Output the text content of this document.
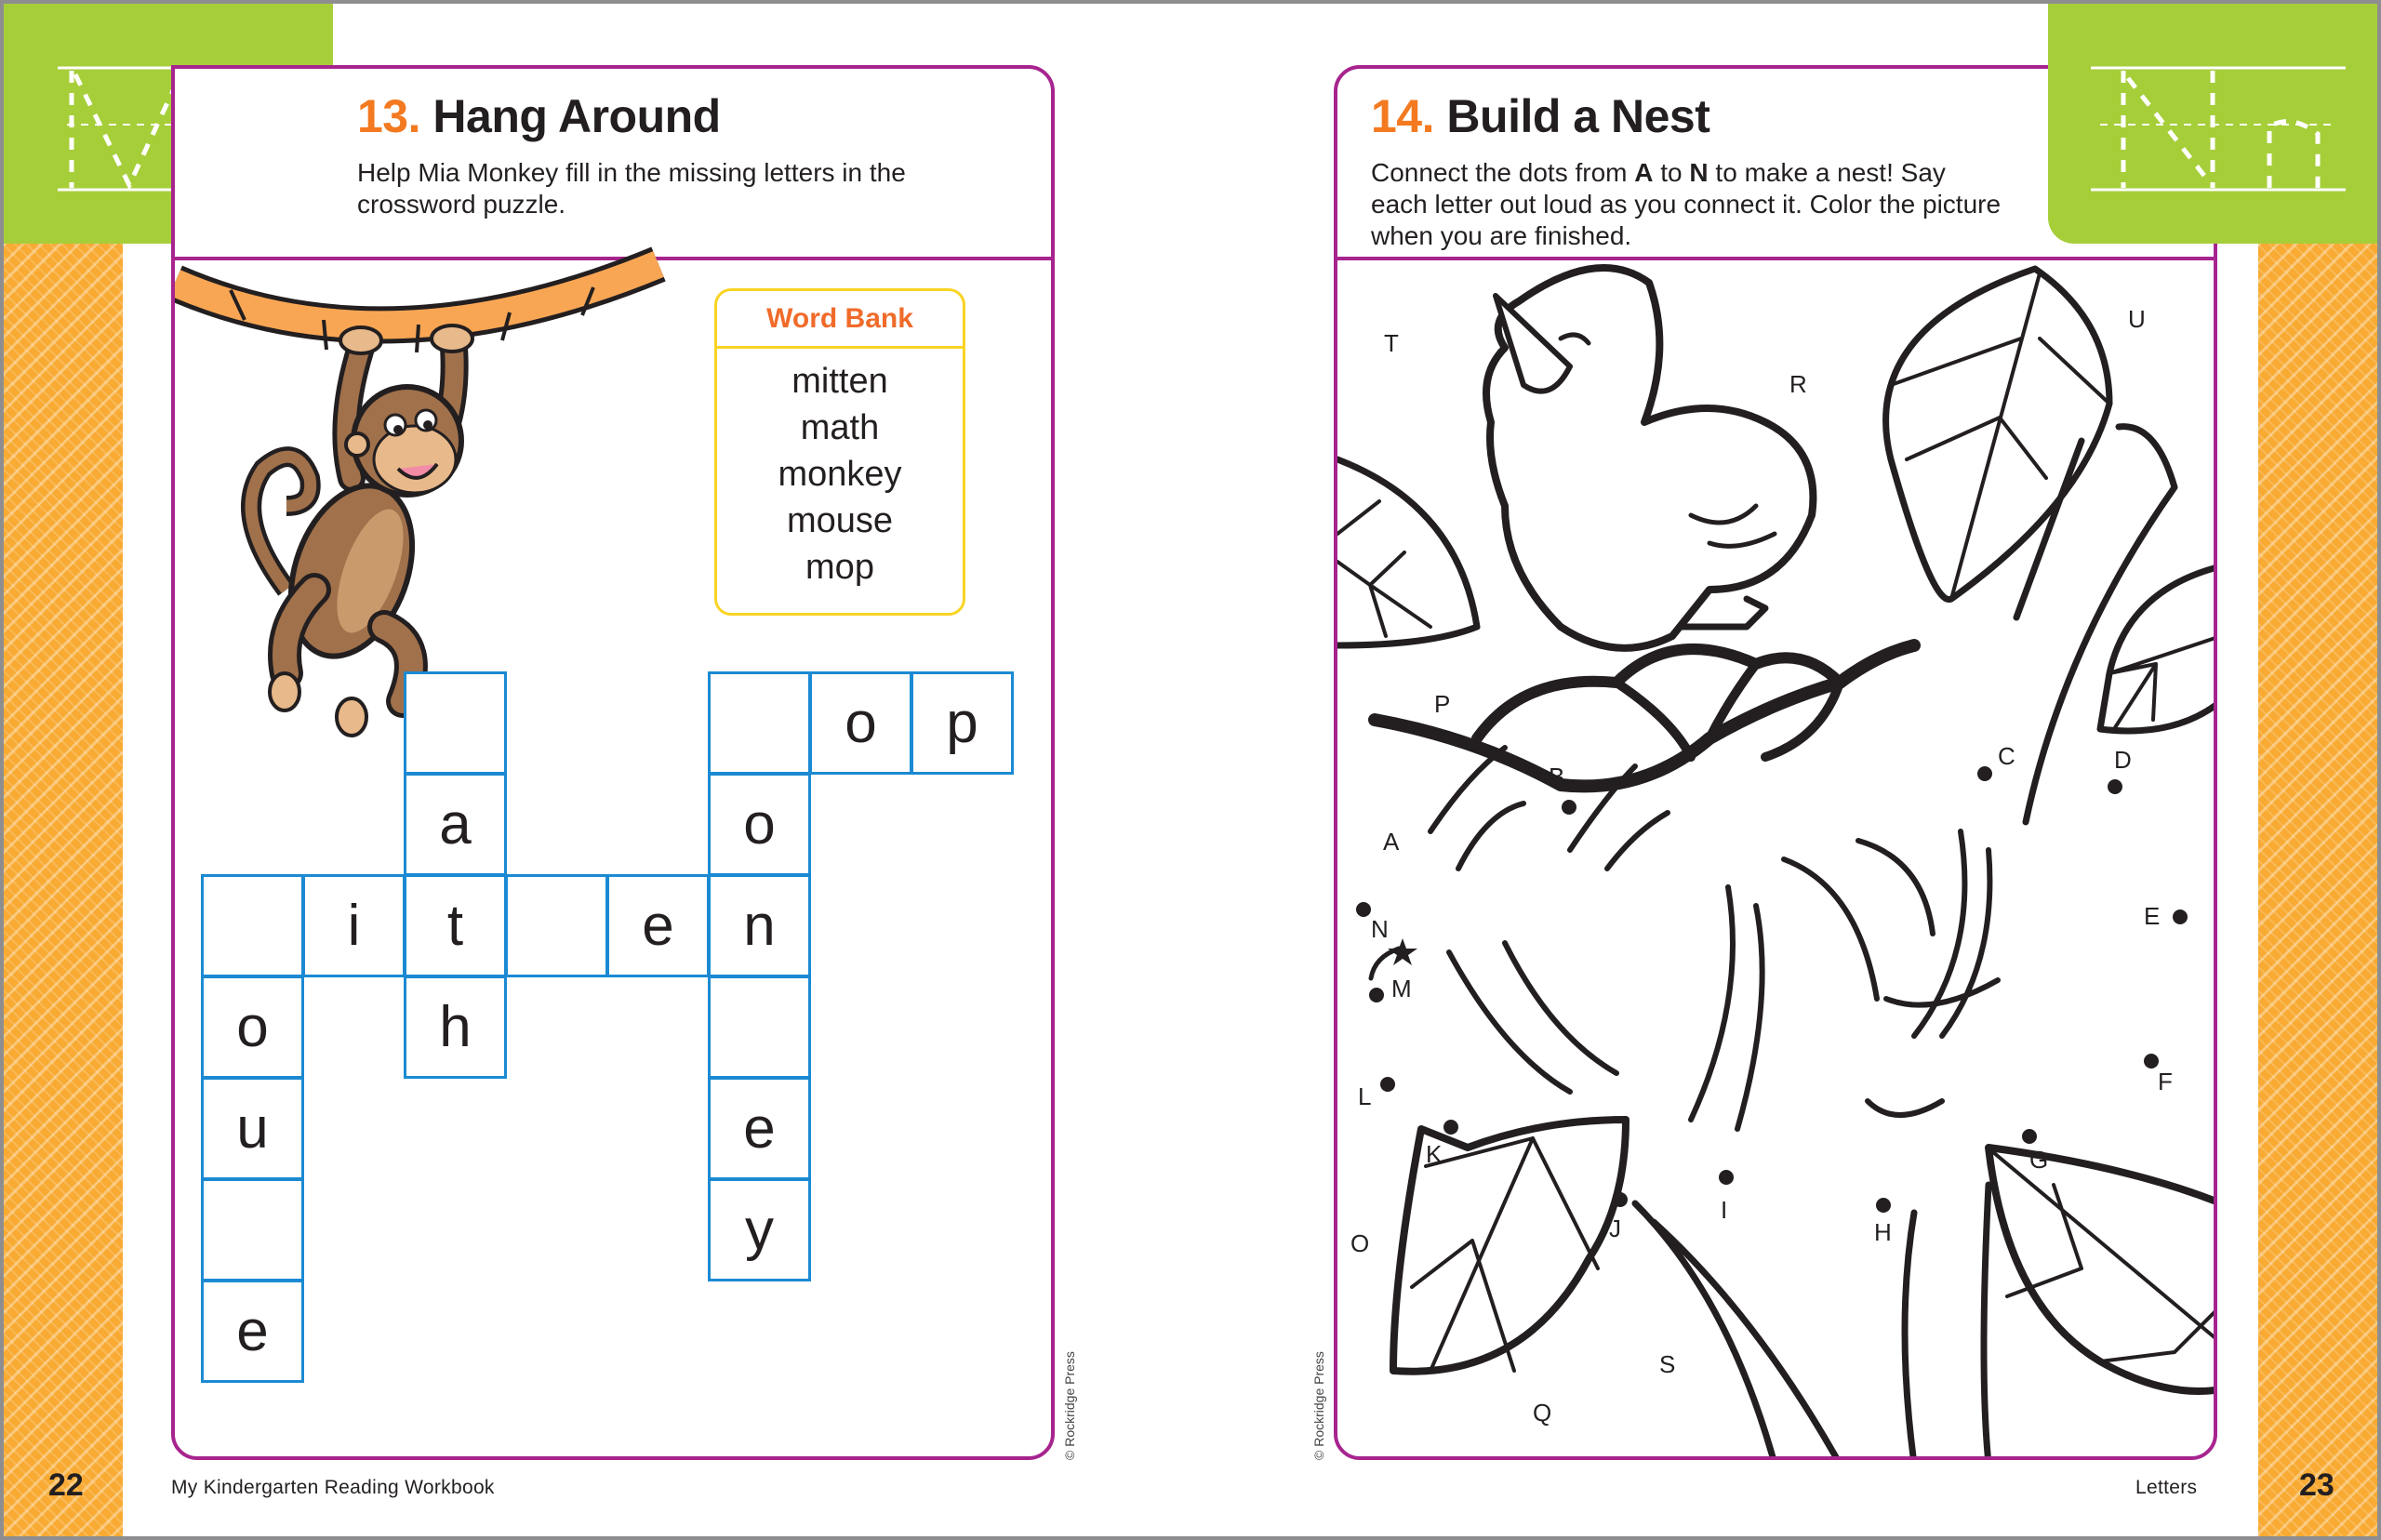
13. Hang Around
Help Mia Monkey fill in the missing letters in the crossword puzzle.
Word Bank
mitten
math
monkey
mouse
mop
a
t
h
o	p
o
n
e
y
i	e
o
u
e
© Rockridge Press
22	My Kindergarten Reading Workbook
14. Build a Nest
Connect the dots from A to N to make a nest! Say each letter out loud as you connect it. Color the picture when you are finished.
A
B
C	D
E
F
G
H
I
J
K
L
M
N
O
P
Q
R
S
T
U
© Rockridge Press
Letters	23
